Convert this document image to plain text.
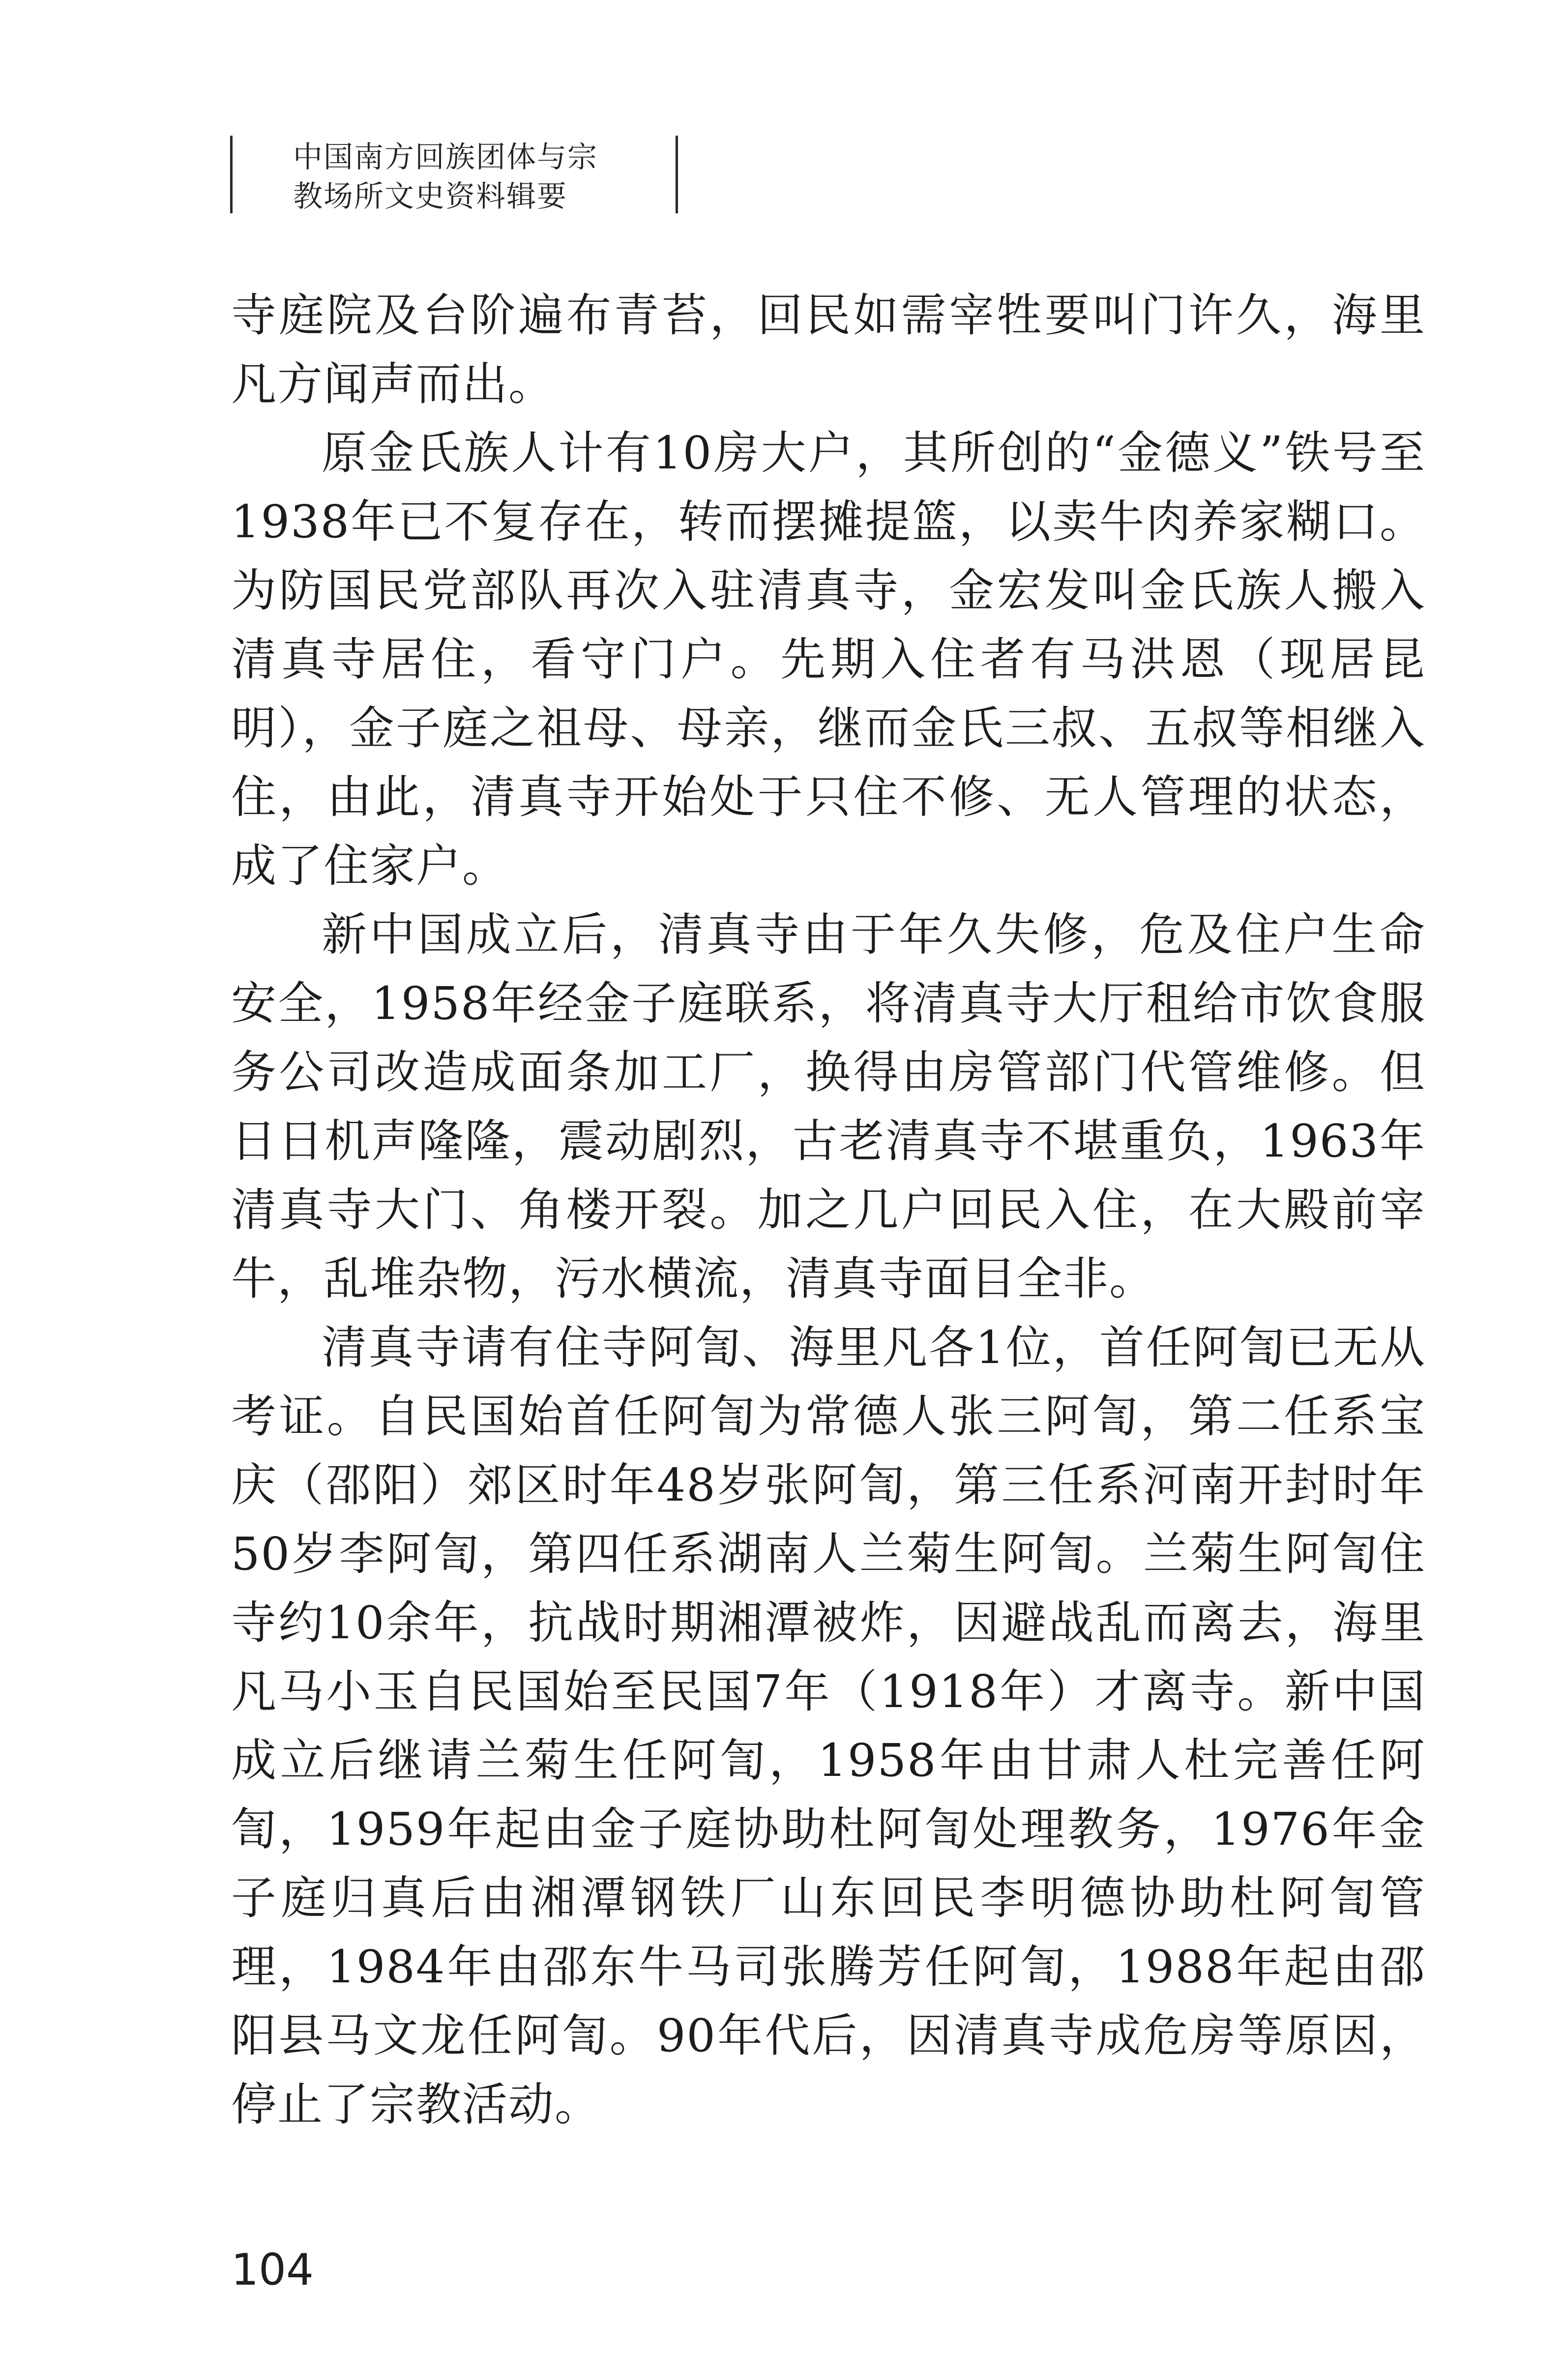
中国南方回族团体与宗
教场所文史资料辑要

寺庭院及台阶遍布青苔，回民如需宰牲要叫门许久，海里凡方闻声而出。

原金氏族人计有10房大户，其所创的“金德义”铁号至1938年已不复存在，转而摆摊提篮，以卖牛肉养家糊口。为防国民党部队再次入驻清真寺，金宏发叫金氏族人搬入清真寺居住，看守门户。先期入住者有马洪恩（现居昆明），金子庭之祖母、母亲，继而金氏三叔、五叔等相继入住，由此，清真寺开始处于只住不修、无人管理的状态，成了住家户。

新中国成立后，清真寺由于年久失修，危及住户生命安全，1958年经金子庭联系，将清真寺大厅租给市饮食服务公司改造成面条加工厂，换得由房管部门代管维修。但日日机声隆隆，震动剧烈，古老清真寺不堪重负，1963年清真寺大门、角楼开裂。加之几户回民入住，在大殿前宰牛，乱堆杂物，污水横流，清真寺面目全非。

清真寺请有住寺阿訇、海里凡各1位，首任阿訇已无从考证。自民国始首任阿訇为常德人张三阿訇，第二任系宝庆（邵阳）郊区时年48岁张阿訇，第三任系河南开封时年50岁李阿訇，第四任系湖南人兰菊生阿訇。兰菊生阿訇住寺约10余年，抗战时期湘潭被炸，因避战乱而离去，海里凡马小玉自民国始至民国7年（1918年）才离寺。新中国成立后继请兰菊生任阿訇，1958年由甘肃人杜完善任阿訇，1959年起由金子庭协助杜阿訇处理教务，1976年金子庭归真后由湘潭钢铁厂山东回民李明德协助杜阿訇管理，1984年由邵东牛马司张腾芳任阿訇，1988年起由邵阳县马文龙任阿訇。90年代后，因清真寺成危房等原因，停止了宗教活动。

104
